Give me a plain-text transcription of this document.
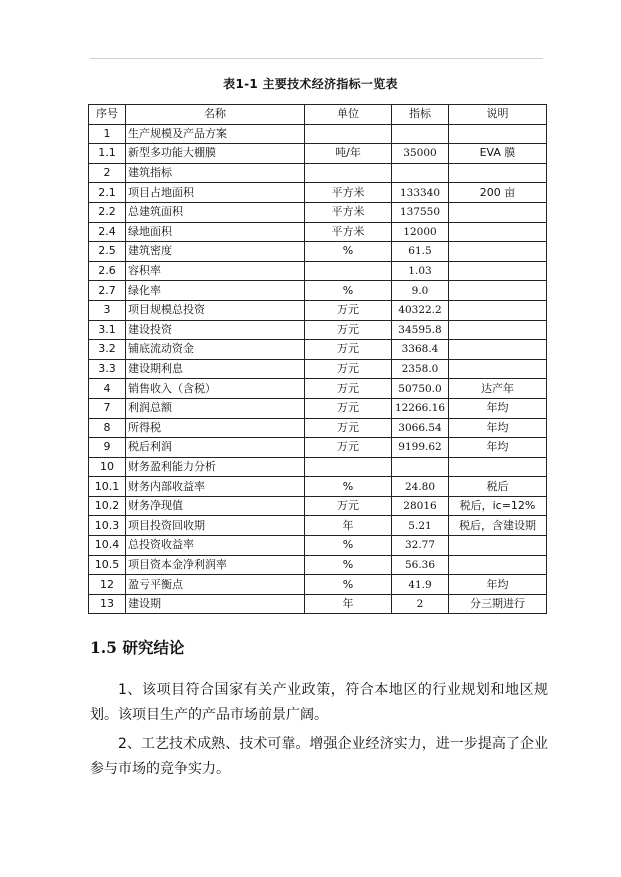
表1-1 主要技术经济指标一览表
序号	名称	单位	指标	说明
1	生产规模及产品方案			
1.1	新型多功能大棚膜	吨/年	35000	EVA 膜
2	建筑指标			
2.1	项目占地面积	平方米	133340	200 亩
2.2	总建筑面积	平方米	137550	
2.4	绿地面积	平方米	12000	
2.5	建筑密度	%	61.5	
2.6	容积率		1.03	
2.7	绿化率	%	9.0	
3	项目规模总投资	万元	40322.2	
3.1	建设投资	万元	34595.8	
3.2	铺底流动资金	万元	3368.4	
3.3	建设期利息	万元	2358.0	
4	销售收入（含税）	万元	50750.0	达产年
7	利润总额	万元	12266.16	年均
8	所得税	万元	3066.54	年均
9	税后利润	万元	9199.62	年均
10	财务盈利能力分析			
10.1	财务内部收益率	%	24.80	税后
10.2	财务净现值	万元	28016	税后，ic=12%
10.3	项目投资回收期	年	5.21	税后，含建设期
10.4	总投资收益率	%	32.77	
10.5	项目资本金净利润率	%	56.36	
12	盈亏平衡点	%	41.9	年均
13	建设期	年	2	分三期进行
1.5 研究结论

1、该项目符合国家有关产业政策，符合本地区的行业规划和地区规划。该项目生产的产品市场前景广阔。

2、工艺技术成熟、技术可靠。增强企业经济实力，进一步提高了企业参与市场的竞争实力。
